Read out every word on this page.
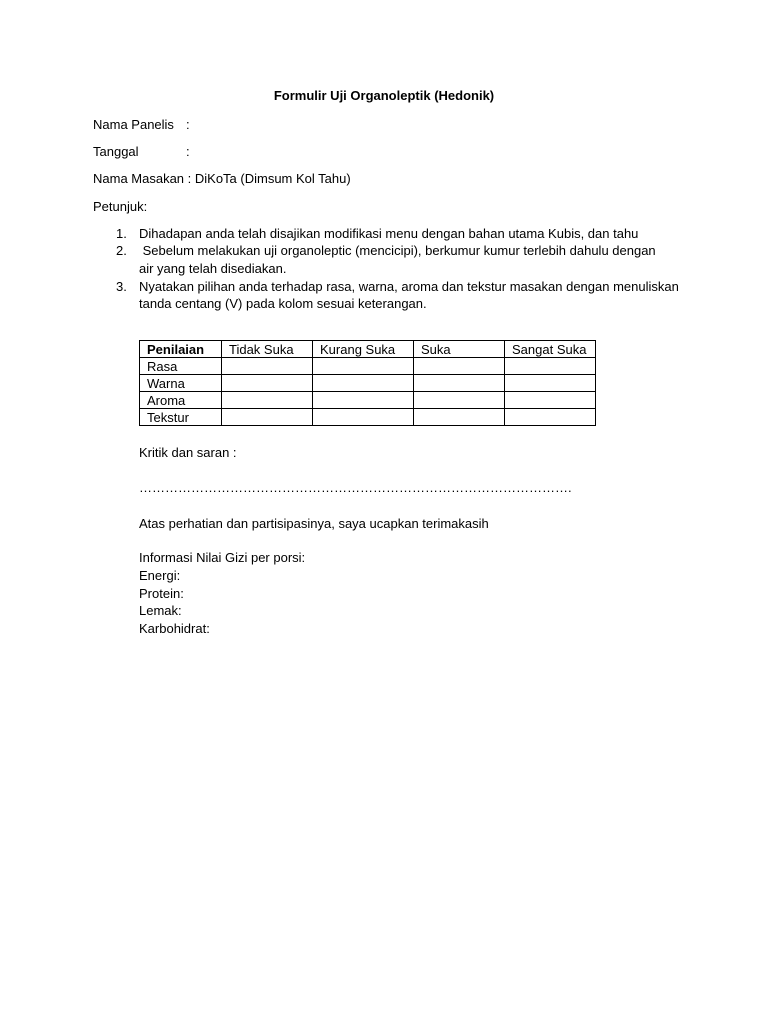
Formulir Uji Organoleptik (Hedonik)
Nama Panelis :
Tanggal	:
Nama Masakan : DiKoTa (Dimsum Kol Tahu)
Petunjuk:
1. Dihadapan anda telah disajikan modifikasi menu dengan bahan utama Kubis, dan tahu
2. Sebelum melakukan uji organoleptic (mencicipi), berkumur kumur terlebih dahulu dengan
air yang telah disediakan.
3. Nyatakan pilihan anda terhadap rasa, warna, aroma dan tekstur masakan dengan menuliskan
tanda centang (V) pada kolom sesuai keterangan.
Penilaian	Tidak Suka	Kurang Suka	Suka	Sangat Suka
Rasa				
Warna				
Aroma				
Tekstur				
Kritik dan saran :
……………………………………………………………………………………….
Atas perhatian dan partisipasinya, saya ucapkan terimakasih
Informasi Nilai Gizi per porsi:
Energi:
Protein:
Lemak:
Karbohidrat:
